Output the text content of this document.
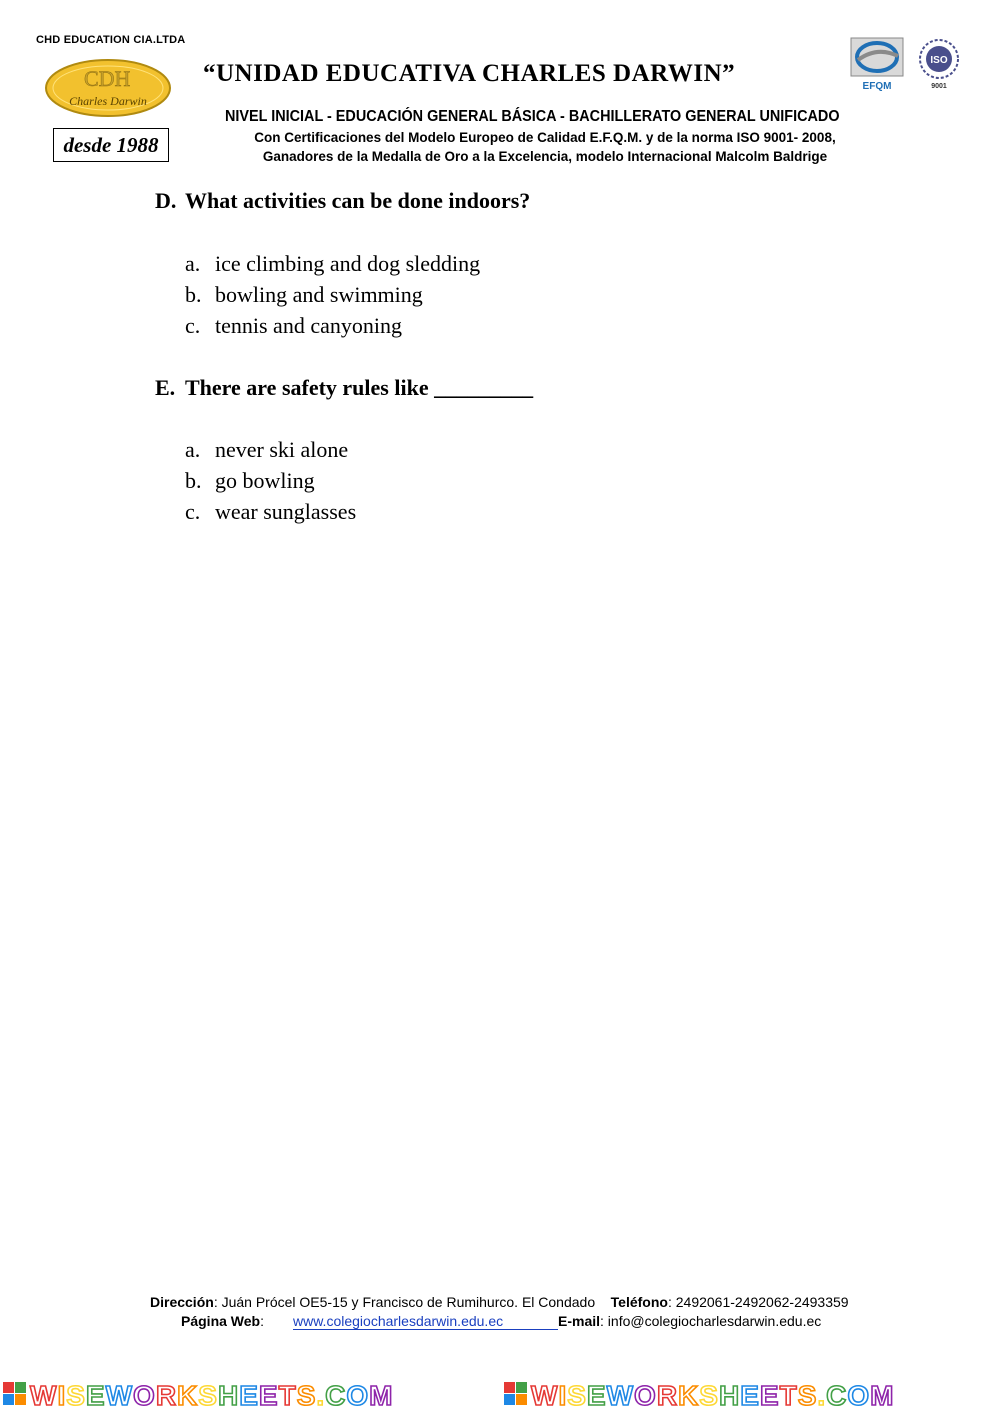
CHD EDUCATION CIA.LTDA
CDH
Charles Darwin
desde 1988
“UNIDAD EDUCATIVA CHARLES DARWIN”	EFQM
ISO
9001
NIVEL INICIAL - EDUCACIÓN GENERAL BÁSICA - BACHILLERATO GENERAL UNIFICADO
Con Certificaciones del Modelo Europeo de Calidad E.F.Q.M. y de la norma ISO 9001- 2008,
Ganadores de la Medalla de Oro a la Excelencia, modelo Internacional Malcolm Baldrige
D. What activities can be done indoors?
a. ice climbing and dog sledding
b. bowling and swimming
c. tennis and canyoning
E. There are safety rules like _________
a. never ski alone
b. go bowling
c. wear sunglasses
Dirección: Juán Prócel OE5-15 y Francisco de Rumihurco. El Condado Teléfono: 2492061-2492062-2493359
Página Web: www.colegiocharlesdarwin.edu.ec	E-mail: info@colegiocharlesdarwin.edu.ec
WISEWORKSHEETS.COM	WISEWORKSHEETS.COM
